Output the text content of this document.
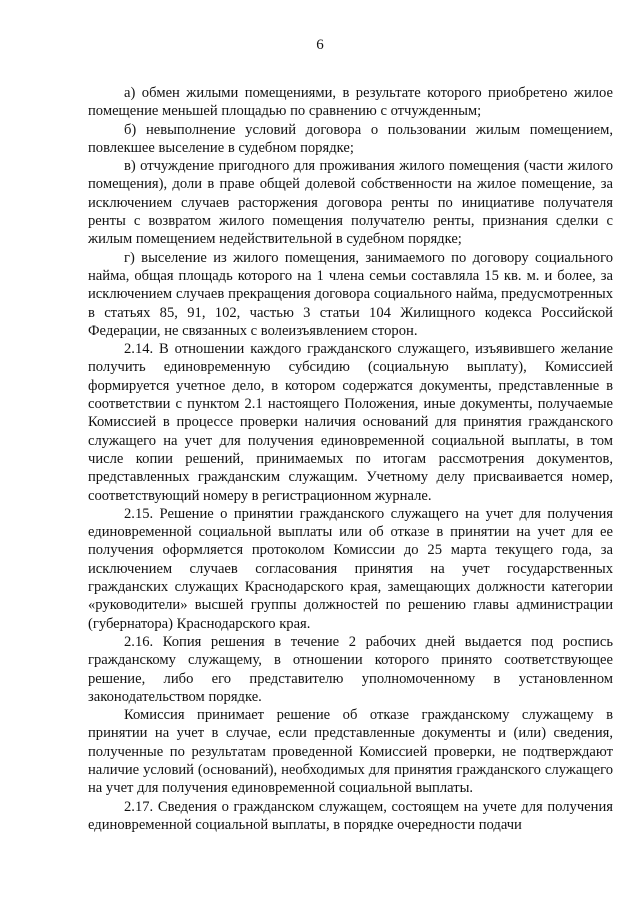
6

а) обмен жилыми помещениями, в результате которого приобретено жилое помещение меньшей площадью по сравнению с отчужденным;

б) невыполнение условий договора о пользовании жилым помещением, повлекшее выселение в судебном порядке;

в) отчуждение пригодного для проживания жилого помещения (части жилого помещения), доли в праве общей долевой собственности на жилое помещение, за исключением случаев расторжения договора ренты по инициативе получателя ренты с возвратом жилого помещения получателю ренты, признания сделки с жилым помещением недействительной в судебном порядке;

г) выселение из жилого помещения, занимаемого по договору социального найма, общая площадь которого на 1 члена семьи составляла 15 кв. м. и более, за исключением случаев прекращения договора социального найма, предусмотренных в статьях 85, 91, 102, частью 3 статьи 104 Жилищного кодекса Российской Федерации, не связанных с волеизъявлением сторон.

2.14. В отношении каждого гражданского служащего, изъявившего желание получить единовременную субсидию (социальную выплату), Комиссией формируется учетное дело, в котором содержатся документы, представленные в соответствии с пунктом 2.1 настоящего Положения, иные документы, получаемые Комиссией в процессе проверки наличия оснований для принятия гражданского служащего на учет для получения единовременной социальной выплаты, в том числе копии решений, принимаемых по итогам рассмотрения документов, представленных гражданским служащим. Учетному делу присваивается номер, соответствующий номеру в регистрационном журнале.

2.15. Решение о принятии гражданского служащего на учет для получения единовременной социальной выплаты или об отказе в принятии на учет для ее получения оформляется протоколом Комиссии до 25 марта текущего года, за исключением случаев согласования принятия на учет государственных гражданских служащих Краснодарского края, замещающих должности категории «руководители» высшей группы должностей по решению главы администрации (губернатора) Краснодарского края.

2.16. Копия решения в течение 2 рабочих дней выдается под роспись гражданскому служащему, в отношении которого принято соответствующее решение, либо его представителю уполномоченному в установленном законодательством порядке.

Комиссия принимает решение об отказе гражданскому служащему в принятии на учет в случае, если представленные документы и (или) сведения, полученные по результатам проведенной Комиссией проверки, не подтверждают наличие условий (оснований), необходимых для принятия гражданского служащего на учет для получения единовременной социальной выплаты.

2.17. Сведения о гражданском служащем, состоящем на учете для получения единовременной социальной выплаты, в порядке очередности подачи
